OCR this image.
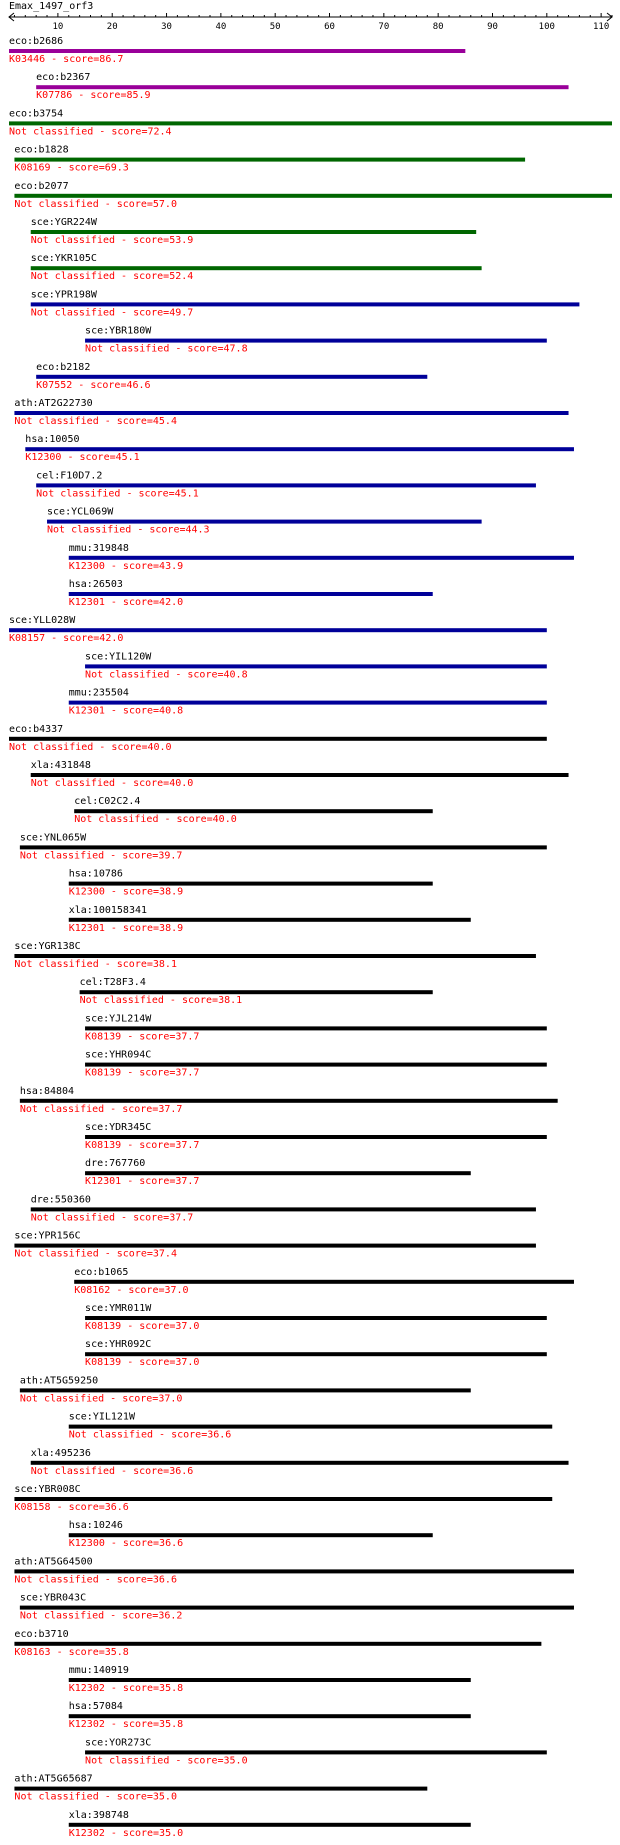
Emax_1497_orf3
10	20	30	40	50	60	70	80	90	100	110
eco:b2686
K03446 - score=86.7
eco:b2367
K07786 - score=85.9
eco:b3754
Not classified - score=72.4
eco:b1828
K08169 - score=69.3
eco:b2077
Not classified - score=57.0
sce:YGR224W
Not classified - score=53.9
sce:YKR105C
Not classified - score=52.4
sce:YPR198W
Not classified - score=49.7
sce:YBR180W
Not classified - score=47.8
eco:b2182
K07552 - score=46.6
ath:AT2G22730
Not classified - score=45.4
hsa:10050
K12300 - score=45.1
cel:F10D7.2
Not classified - score=45.1
sce:YCL069W
Not classified - score=44.3
mmu:319848
K12300 - score=43.9
hsa:26503
K12301 - score=42.0
sce:YLL028W
K08157 - score=42.0
sce:YIL120W
Not classified - score=40.8
mmu:235504
K12301 - score=40.8
eco:b4337
Not classified - score=40.0
xla:431848
Not classified - score=40.0
cel:C02C2.4
Not classified - score=40.0
sce:YNL065W
Not classified - score=39.7
hsa:10786
K12300 - score=38.9
xla:100158341
K12301 - score=38.9
sce:YGR138C
Not classified - score=38.1
cel:T28F3.4
Not classified - score=38.1
sce:YJL214W
K08139 - score=37.7
sce:YHR094C
K08139 - score=37.7
hsa:84804
Not classified - score=37.7
sce:YDR345C
K08139 - score=37.7
dre:767760
K12301 - score=37.7
dre:550360
Not classified - score=37.7
sce:YPR156C
Not classified - score=37.4
eco:b1065
K08162 - score=37.0
sce:YMR011W
K08139 - score=37.0
sce:YHR092C
K08139 - score=37.0
ath:AT5G59250
Not classified - score=37.0
sce:YIL121W
Not classified - score=36.6
xla:495236
Not classified - score=36.6
sce:YBR008C
K08158 - score=36.6
hsa:10246
K12300 - score=36.6
ath:AT5G64500
Not classified - score=36.6
sce:YBR043C
Not classified - score=36.2
eco:b3710
K08163 - score=35.8
mmu:140919
K12302 - score=35.8
hsa:57084
K12302 - score=35.8
sce:YOR273C
Not classified - score=35.0
ath:AT5G65687
Not classified - score=35.0
xla:398748
K12302 - score=35.0
